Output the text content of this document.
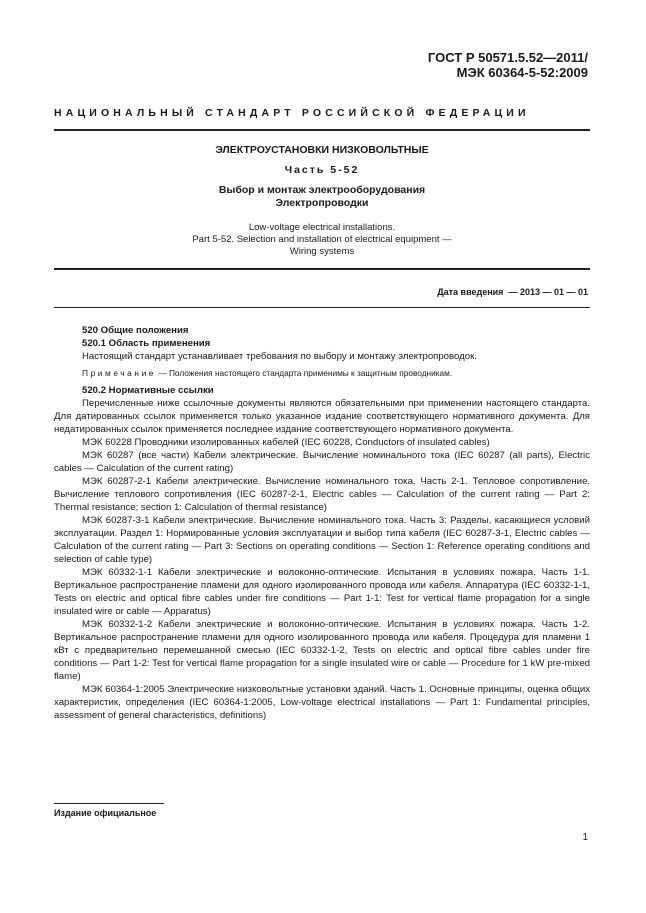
ГОСТ Р 50571.5.52—2011/
МЭК 60364-5-52:2009
НАЦИОНАЛЬНЫЙ СТАНДАРТ РОССИЙСКОЙ ФЕДЕРАЦИИ
ЭЛЕКТРОУСТАНОВКИ НИЗКОВОЛЬТНЫЕ
Часть 5-52
Выбор и монтаж электрооборудования
Электропроводки
Low-voltage electrical installations.
Part 5-52. Selection and installation of electrical equipment —
Wiring systems
Дата введения — 2013 — 01 — 01

520 Общие положения

520.1 Область применения

Настоящий стандарт устанавливает требования по выбору и монтажу электропроводок.

Примечание — Положения настоящего стандарта применимы к защитным проводникам.

520.2 Нормативные ссылки

Перечисленные ниже ссылочные документы являются обязательными при применении настоящего стандарта. Для датированных ссылок применяется только указанное издание соответствующего нормативного документа. Для недатированных ссылок применяется последнее издание соответствующего нормативного документа.

МЭК 60228 Проводники изолированных кабелей (IEC 60228, Conductors of insulated cables)

МЭК 60287 (все части) Кабели электрические. Вычисление номинального тока (IEC 60287 (all parts), Electric cables — Calculation of the current rating)

МЭК 60287-2-1 Кабели электрические. Вычисление номинального тока. Часть 2-1. Тепловое сопротивление. Вычисление теплового сопротивления (IEC 60287-2-1, Electric cables — Calculation of the current rating — Part 2: Thermal resistance; section 1: Calculation of thermal resistance)

МЭК 60287-3-1 Кабели электрические. Вычисление номинального тока. Часть 3: Разделы, касающиеся условий эксплуатации. Раздел 1: Нормированные условия эксплуатации и выбор типа кабеля (IEC 60287-3-1, Electric cables — Calculation of the current rating — Part 3: Sections on operating conditions — Section 1: Reference operating conditions and selection of cable type)

МЭК 60332-1-1 Кабели электрические и волоконно-оптические. Испытания в условиях пожара. Часть 1-1. Вертикальное распространение пламени для одного изолированного провода или кабеля. Аппаратура (IEC 60332-1-1, Tests on electric and optical fibre cables under fire conditions — Part 1-1: Test for vertical flame propagation for a single insulated wire or cable — Apparatus)

МЭК 60332-1-2 Кабели электрические и волоконно-оптические. Испытания в условиях пожара. Часть 1-2. Вертикальное распространение пламени для одного изолированного провода или кабеля. Процедура для пламени 1 кВт с предварительно перемешанной смесью (IEC 60332-1-2, Tests on electric and optical fibre cables under fire conditions — Part 1-2: Test for vertical flame propagation for a single insulated wire or cable — Procedure for 1 kW pre-mixed flame)

МЭК 60364-1:2005 Электрические низковольтные установки зданий. Часть 1. Основные принципы, оценка общих характеристик, определения (IEC 60364-1:2005, Low-voltage electrical installations — Part 1: Fundamental principles, assessment of general characteristics, definitions)

Издание официальное
1
